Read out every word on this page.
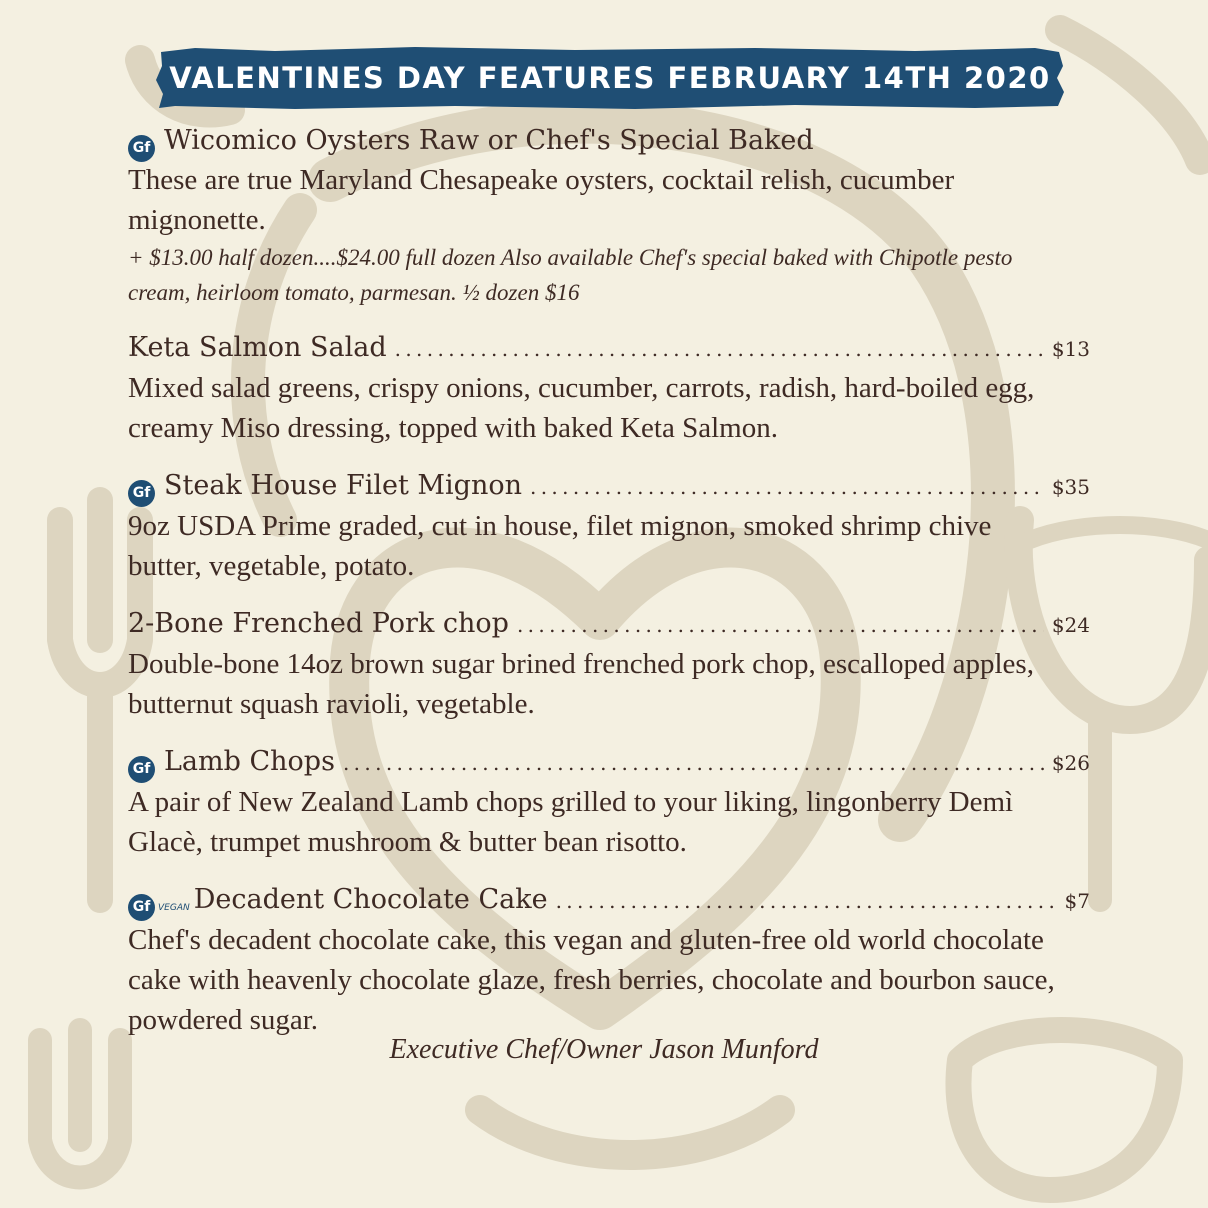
VALENTINES DAY FEATURES FEBRUARY 14TH 2020
Gf Wicomico Oysters Raw or Chef's Special Baked
These are true Maryland Chesapeake oysters, cocktail relish, cucumber mignonette.
+ $13.00 half dozen....$24.00 full dozen Also available Chef's special baked with Chipotle pesto cream, heirloom tomato, parmesan. ½ dozen $16
Keta Salmon Salad . . .	$13
Mixed salad greens, crispy onions, cucumber, carrots, radish, hard-boiled egg, creamy Miso dressing, topped with baked Keta Salmon.
Gf Steak House Filet Mignon . . .	$35
9oz USDA Prime graded, cut in house, filet mignon, smoked shrimp chive butter, vegetable, potato.
2-Bone Frenched Pork chop . . .	$24
Double-bone 14oz brown sugar brined frenched pork chop, escalloped apples, butternut squash ravioli, vegetable.
Gf Lamb Chops . . .	$26
A pair of New Zealand Lamb chops grilled to your liking, lingonberry Demì Glacè, trumpet mushroom & butter bean risotto.
Gf VEGAN Decadent Chocolate Cake . . .	$7
Chef's decadent chocolate cake, this vegan and gluten-free old world chocolate cake with heavenly chocolate glaze, fresh berries, chocolate and bourbon sauce, powdered sugar.
Executive Chef/Owner Jason Munford
